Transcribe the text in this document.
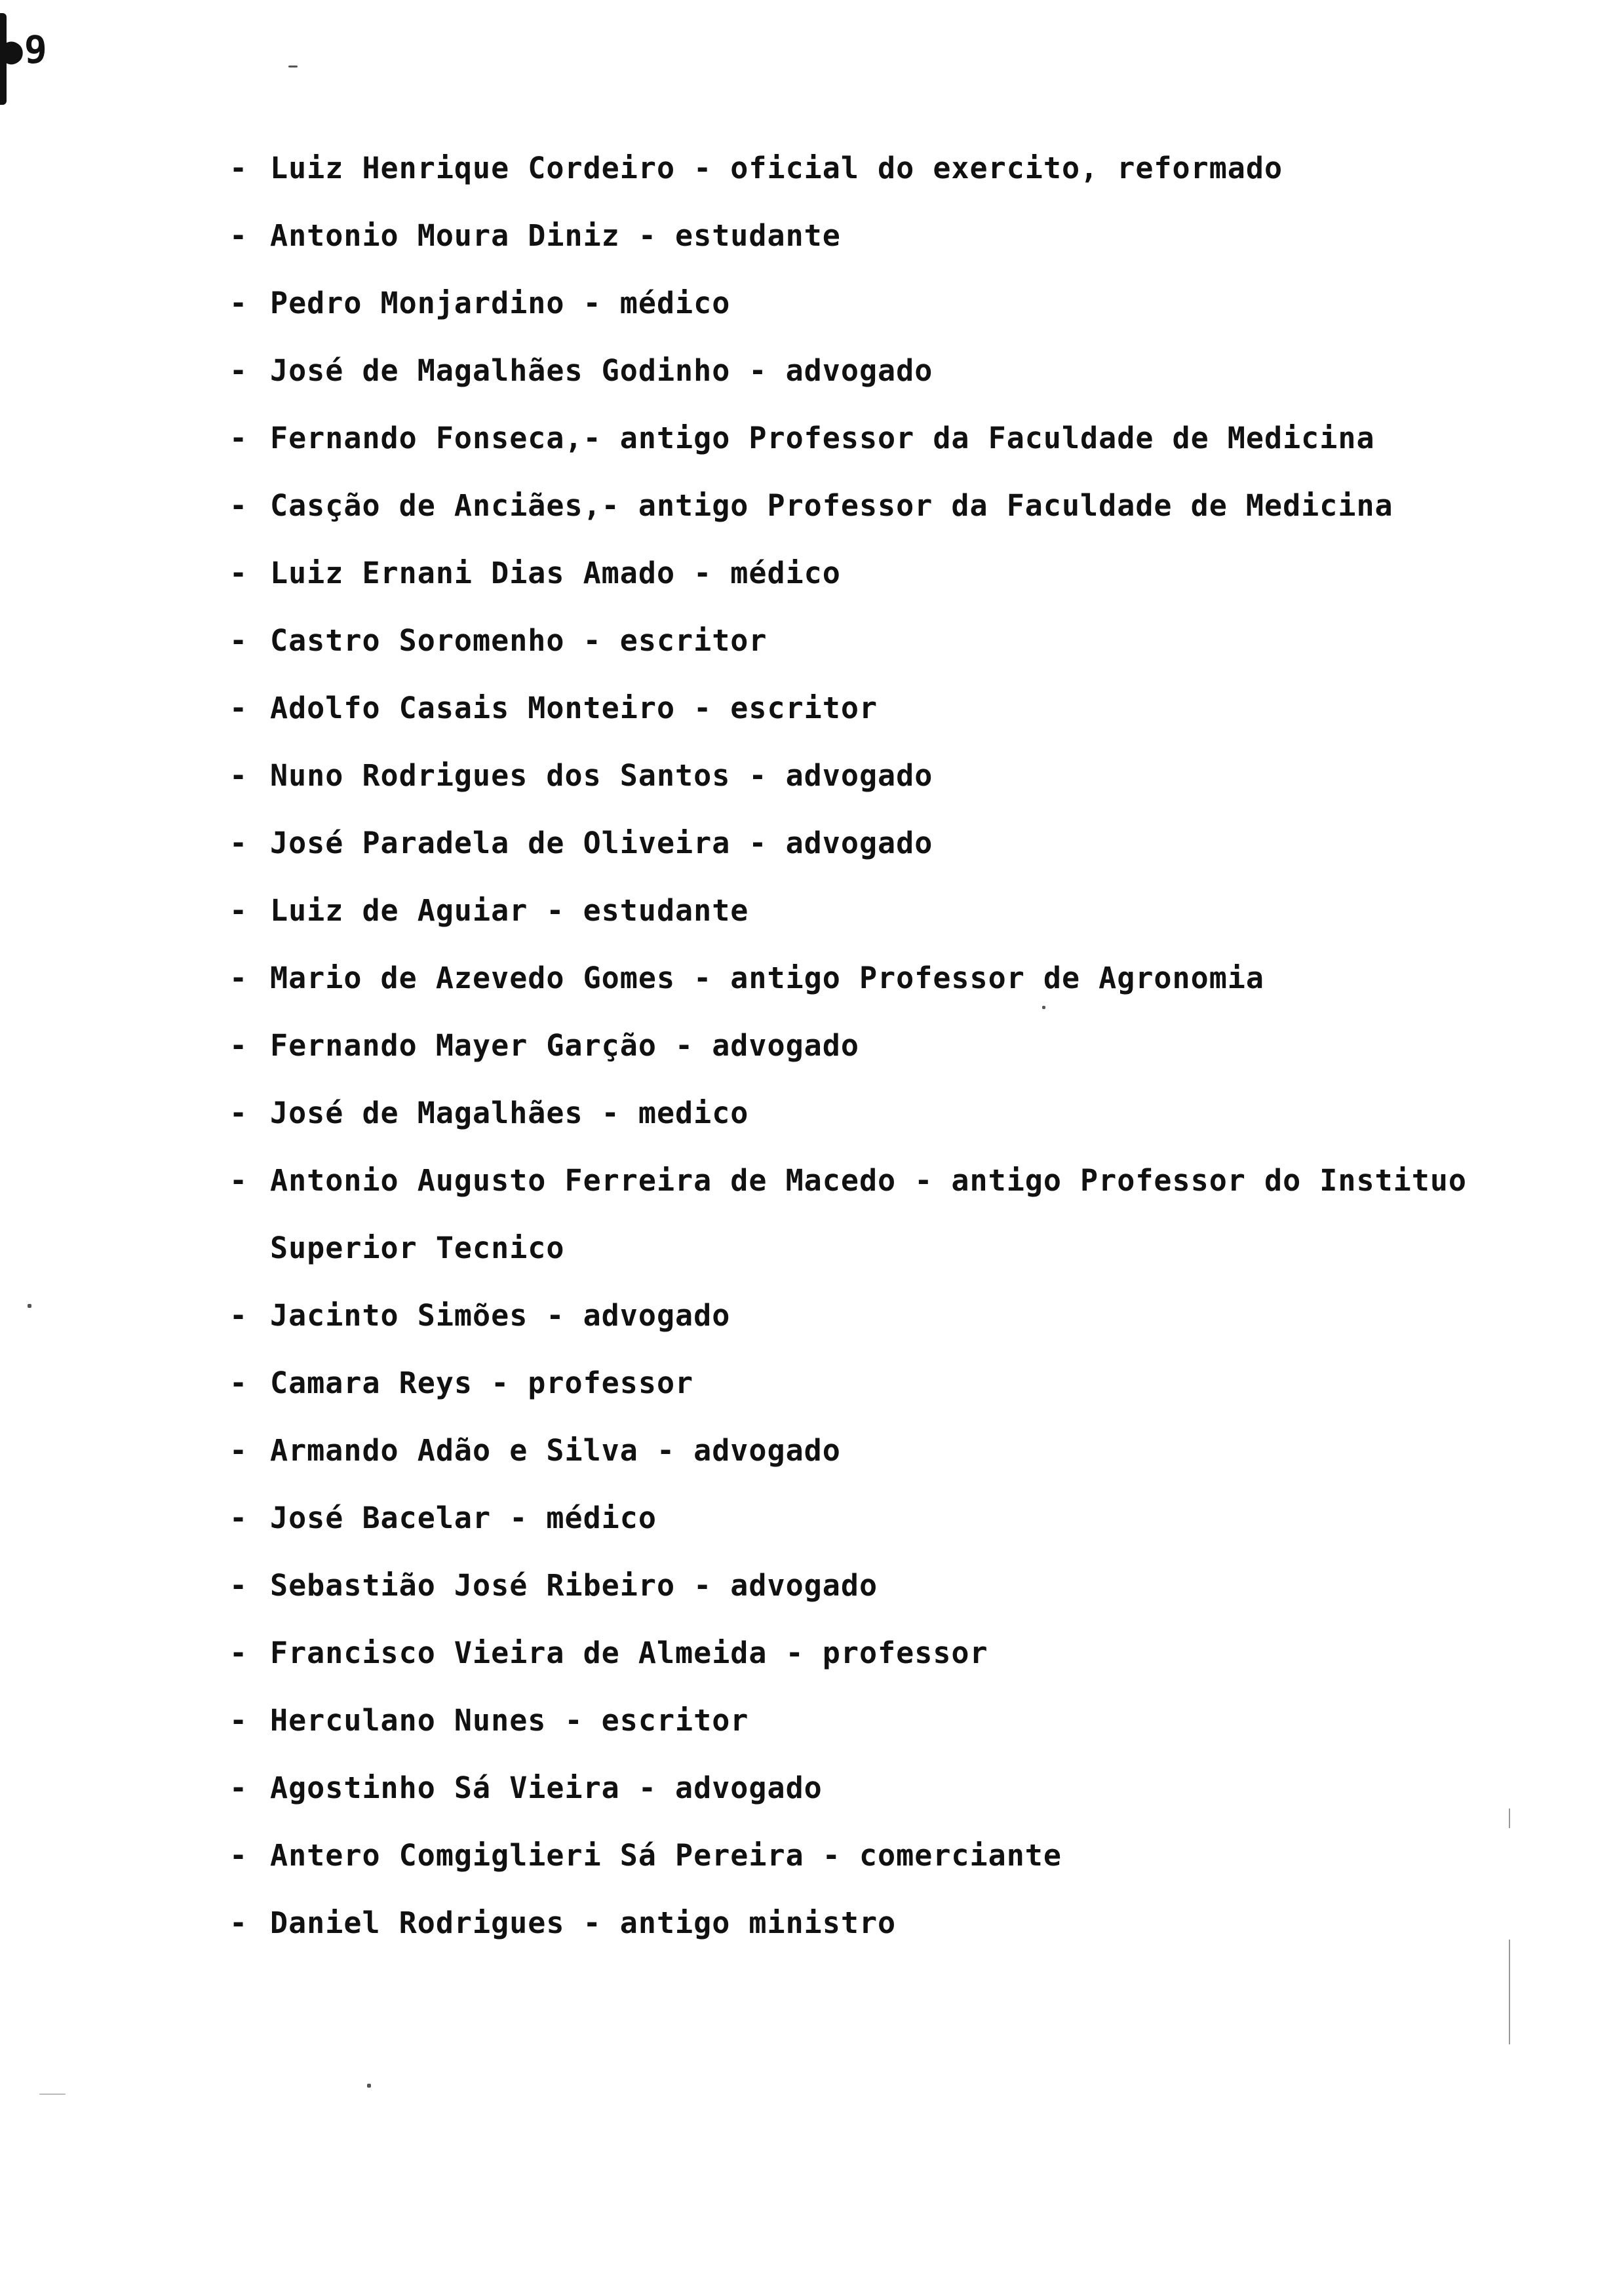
●9
- Luiz Henrique Cordeiro - oficial do exercito, reformado
- Antonio Moura Diniz - estudante
- Pedro Monjardino - médico
- José de Magalhães Godinho - advogado
- Fernando Fonseca,- antigo Professor da Faculdade de Medicina
- Casção de Anciães,- antigo Professor da Faculdade de Medicina
- Luiz Ernani Dias Amado - médico
- Castro Soromenho - escritor
- Adolfo Casais Monteiro - escritor
- Nuno Rodrigues dos Santos - advogado
- José Paradela de Oliveira - advogado
- Luiz de Aguiar - estudante
- Mario de Azevedo Gomes - antigo Professor de Agronomia
- Fernando Mayer Garção - advogado
- José de Magalhães - medico
- Antonio Augusto Ferreira de Macedo - antigo Professor do Instituo Superior Tecnico
- Jacinto Simões - advogado
- Camara Reys - professor
- Armando Adão e Silva - advogado
- José Bacelar - médico
- Sebastião José Ribeiro - advogado
- Francisco Vieira de Almeida - professor
- Herculano Nunes - escritor
- Agostinho Sá Vieira - advogado
- Antero Comgiglieri Sá Pereira - comerciante
- Daniel Rodrigues - antigo ministro
